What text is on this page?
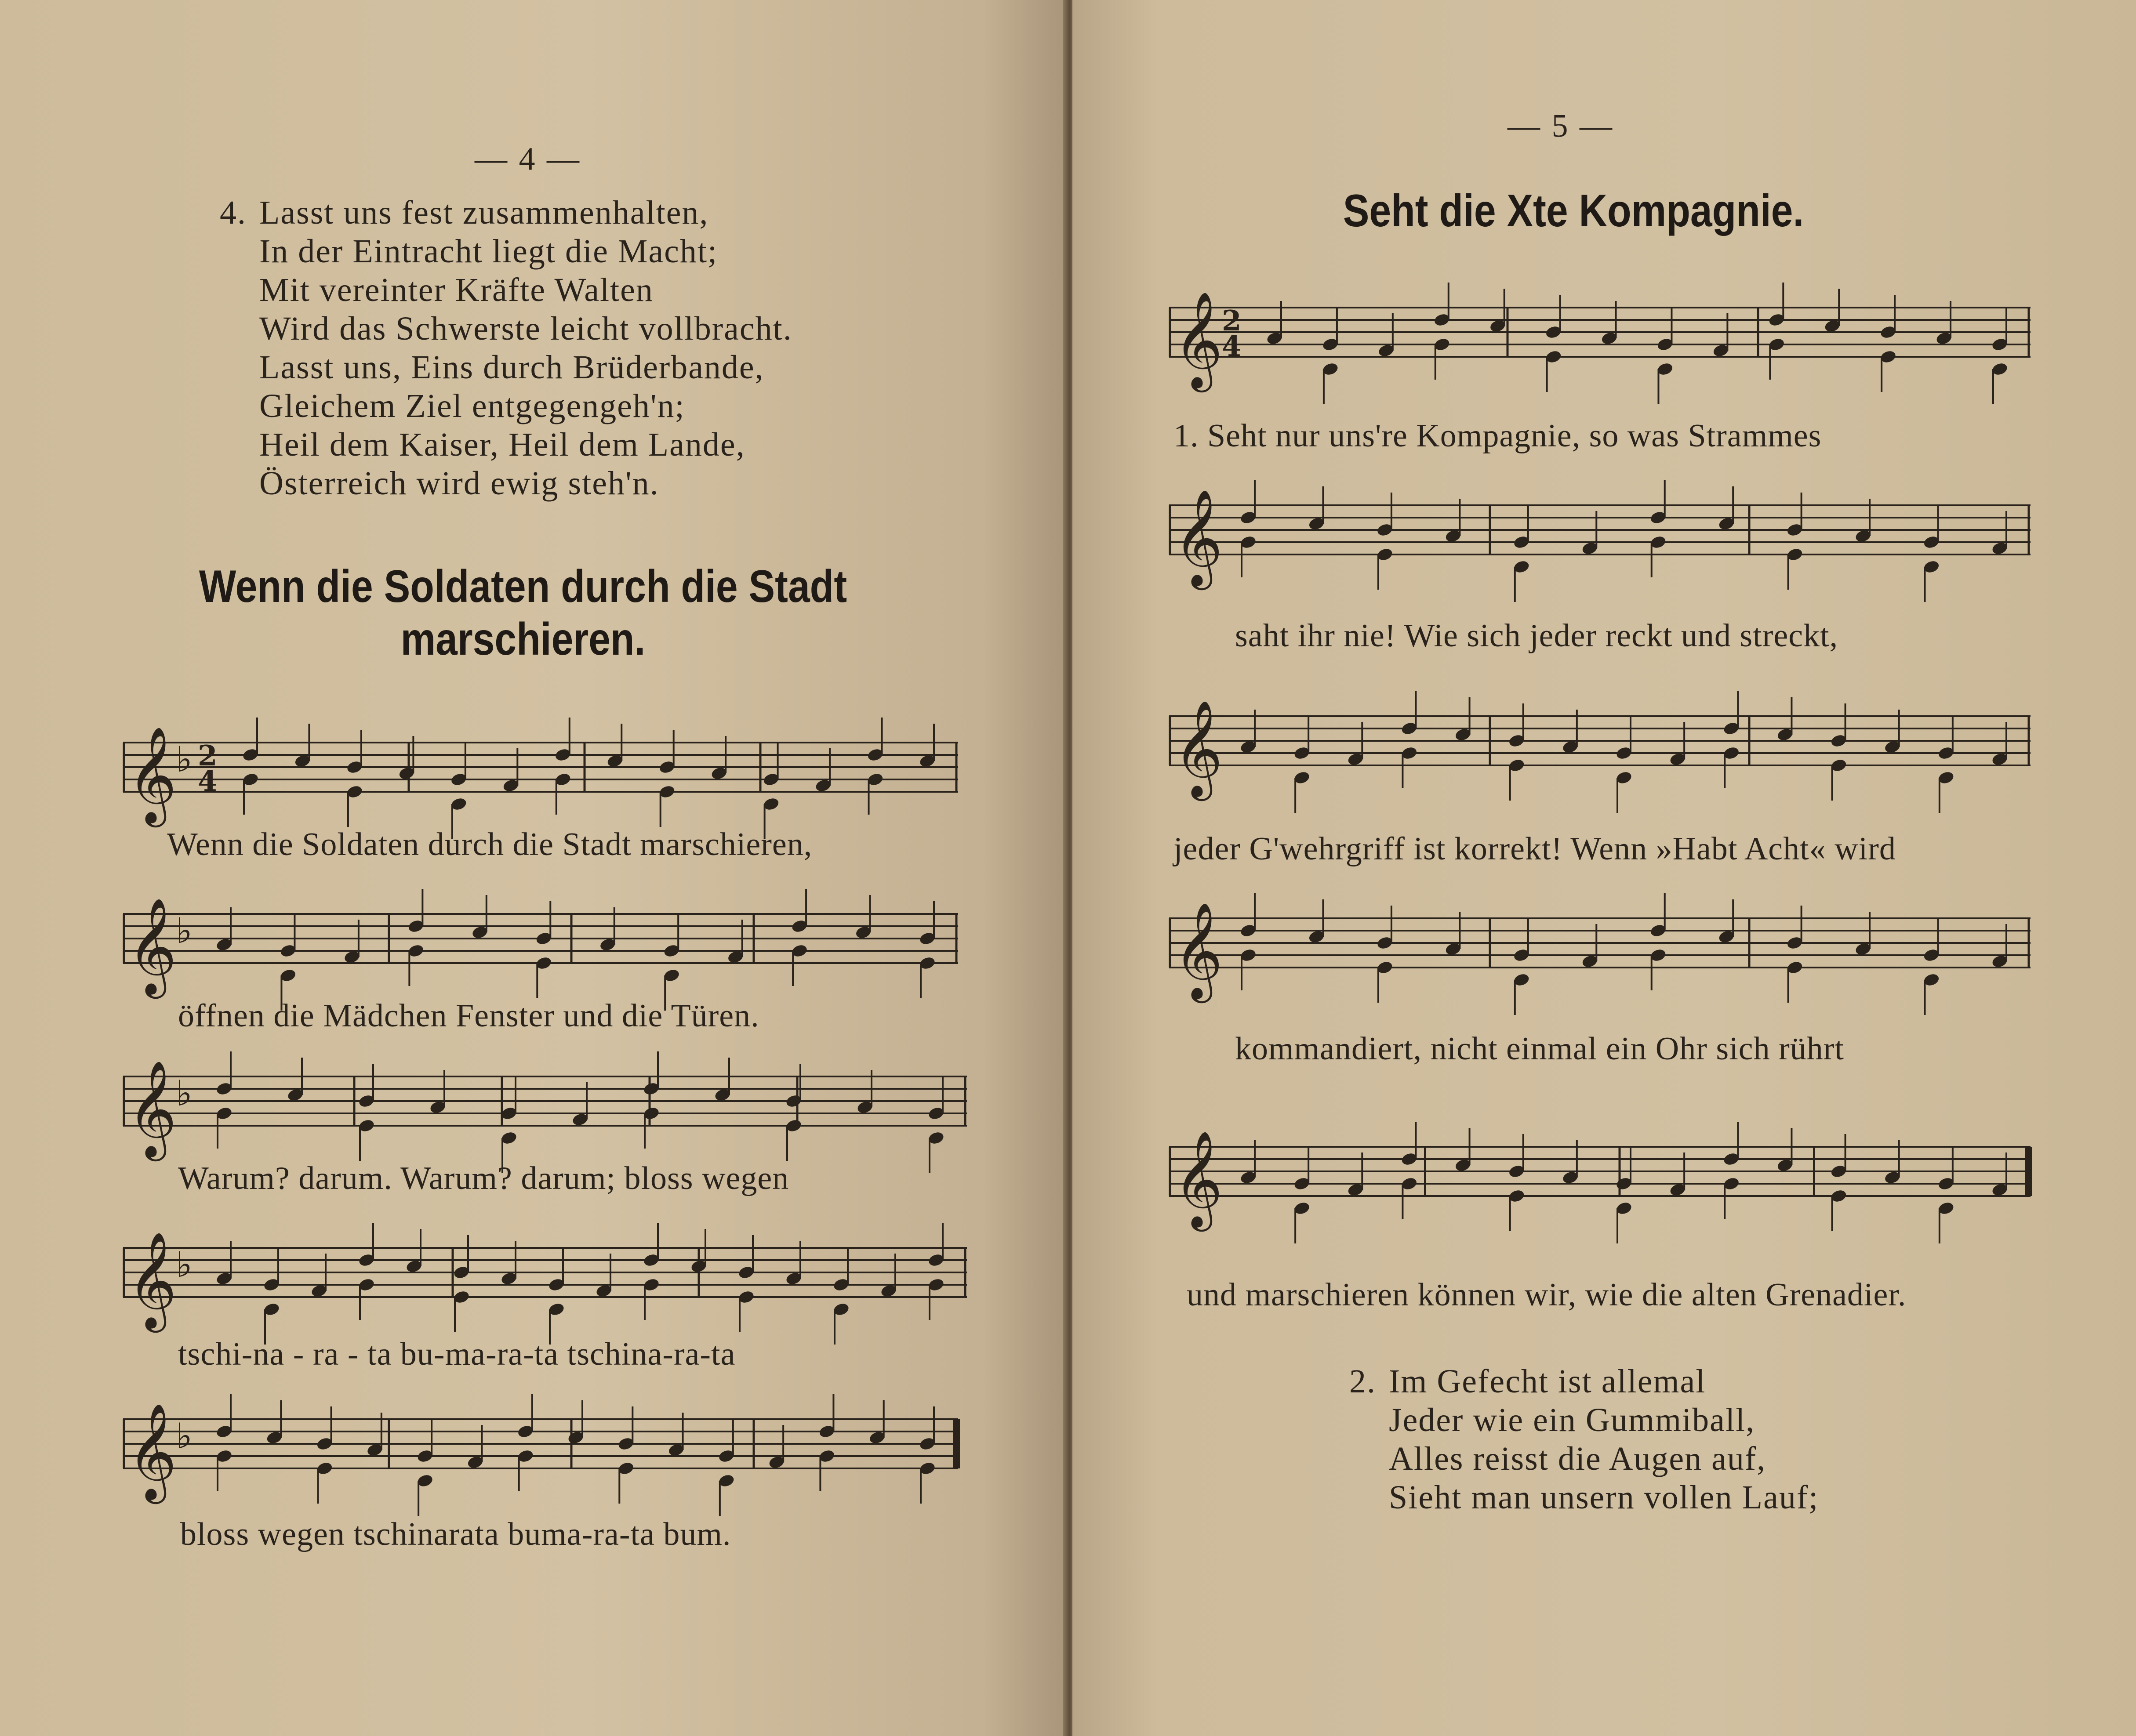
— 4 —
4. Lasst uns fest zusammenhalten,
In der Eintracht liegt die Macht;
Mit vereinter Kräfte Walten
Wird das Schwerste leicht vollbracht.
Lasst uns, Eins durch Brüderbande,
Gleichem Ziel entgegengeh'n;
Heil dem Kaiser, Heil dem Lande,
Österreich wird ewig steh'n.
Wenn die Soldaten durch die Stadt
marschieren.
𝄞
♭ 2
4
Wenn die Soldaten durch die Stadt marschieren,
𝄞
♭
öffnen die Mädchen Fenster und die Türen.
𝄞
♭
Warum? darum. Warum? darum; bloss wegen
𝄞
♭
tschi-na - ra - ta bu-ma-ra-ta tschina-ra-ta
𝄞
♭
bloss wegen tschinarata buma-ra-ta bum.
— 5 —
Seht die Xte Kompagnie.
𝄞
2
4
1. Seht nur uns're Kompagnie, so was Strammes
𝄞
saht ihr nie! Wie sich jeder reckt und streckt,
𝄞
jeder G'wehrgriff ist korrekt! Wenn »Habt Acht« wird
𝄞
kommandiert, nicht einmal ein Ohr sich rührt
𝄞
und marschieren können wir, wie die alten Grenadier.
2. Im Gefecht ist allemal
Jeder wie ein Gummiball,
Alles reisst die Augen auf,
Sieht man unsern vollen Lauf;
